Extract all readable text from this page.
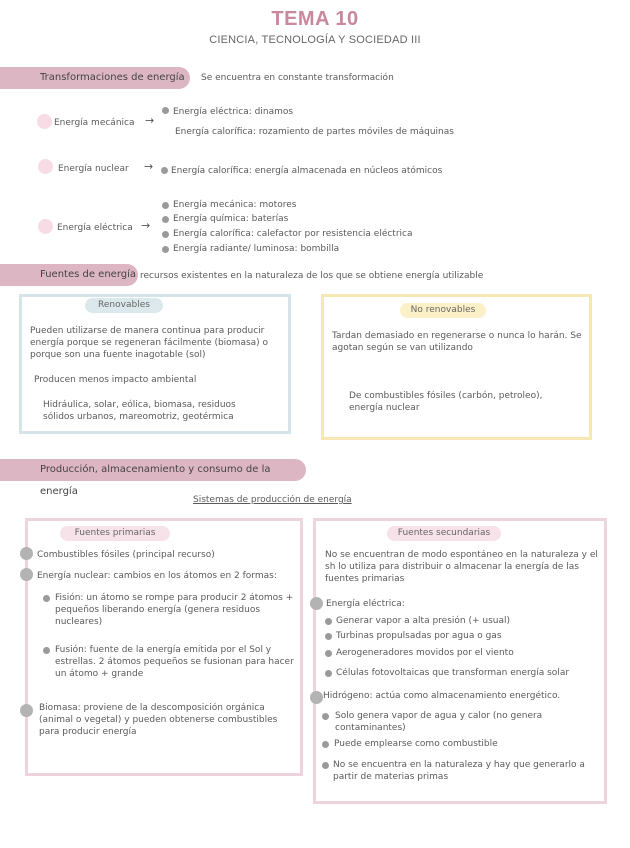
TEMA 10
CIENCIA, TECNOLOGÍA Y SOCIEDAD III
Transformaciones de energía	Se encuentra en constante transformación
Energía mecánica →
Energía eléctrica: dinamos
Energía calorífica: rozamiento de partes móviles de máquinas
Energía nuclear → Energía calorífica: energía almacenada en núcleos atómicos
Energía eléctrica →
Energía mecánica: motores
Energía química: baterías
Energía calorífica: calefactor por resistencia eléctrica
Energía radiante/ luminosa: bombilla
Fuentes de energía recursos existentes en la naturaleza de los que se obtiene energía utilizable
Renovables
Pueden utilizarse de manera continua para producir energía porque se regeneran fácilmente (biomasa) o porque son una fuente inagotable (sol)
Producen menos impacto ambiental
Hidráulica, solar, eólica, biomasa, residuos sólidos urbanos, mareomotriz, geotérmica
No renovables
Tardan demasiado en regenerarse o nunca lo harán. Se agotan según se van utilizando
De combustibles fósiles (carbón, petroleo), energía nuclear
Producción, almacenamiento y consumo de la energía
Sistemas de producción de energía
Fuentes primarias
Combustibles fósiles (principal recurso)
Energía nuclear: cambios en los átomos en 2 formas:
Fisión: un átomo se rompe para producir 2 átomos + pequeños liberando energía (genera residuos nucleares)
Fusión: fuente de la energía emitida por el Sol y estrellas. 2 átomos pequeños se fusionan para hacer un átomo + grande
Biomasa: proviene de la descomposición orgánica (animal o vegetal) y pueden obtenerse combustibles para producir energía
Fuentes secundarias
No se encuentran de modo espontáneo en la naturaleza y el sh lo utiliza para distribuir o almacenar la energía de las fuentes primarias
Energía eléctrica:
Generar vapor a alta presión (+ usual)
Turbinas propulsadas por agua o gas
Aerogeneradores movidos por el viento
Células fotovoltaicas que transforman energía solar
Hidrógeno: actúa como almacenamiento energético.
Solo genera vapor de agua y calor (no genera contaminantes)
Puede emplearse como combustible
No se encuentra en la naturaleza y hay que generarlo a partir de materias primas
